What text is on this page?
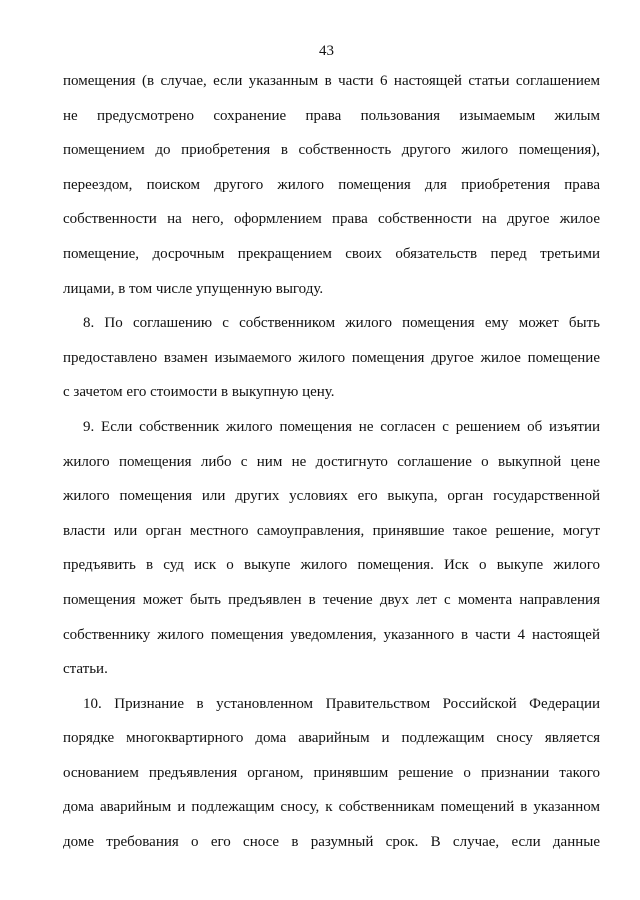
43

помещения (в случае, если указанным в части 6 настоящей статьи соглашением
не предусмотрено сохранение права пользования изымаемым жилым
помещением до приобретения в собственность другого жилого помещения),
переездом, поиском другого жилого помещения для приобретения права
собственности на него, оформлением права собственности на другое жилое
помещение, досрочным прекращением своих обязательств перед третьими
лицами, в том числе упущенную выгоду.

8. По соглашению с собственником жилого помещения ему может быть
предоставлено взамен изымаемого жилого помещения другое жилое помещение
с зачетом его стоимости в выкупную цену.

9. Если собственник жилого помещения не согласен с решением об изъятии
жилого помещения либо с ним не достигнуто соглашение о выкупной цене
жилого помещения или других условиях его выкупа, орган государственной
власти или орган местного самоуправления, принявшие такое решение, могут
предъявить в суд иск о выкупе жилого помещения. Иск о выкупе жилого
помещения может быть предъявлен в течение двух лет с момента направления
собственнику жилого помещения уведомления, указанного в части 4 настоящей
статьи.

10. Признание в установленном Правительством Российской Федерации
порядке многоквартирного дома аварийным и подлежащим сносу является
основанием предъявления органом, принявшим решение о признании такого
дома аварийным и подлежащим сносу, к собственникам помещений в указанном
доме требования о его сносе в разумный срок. В случае, если данные
